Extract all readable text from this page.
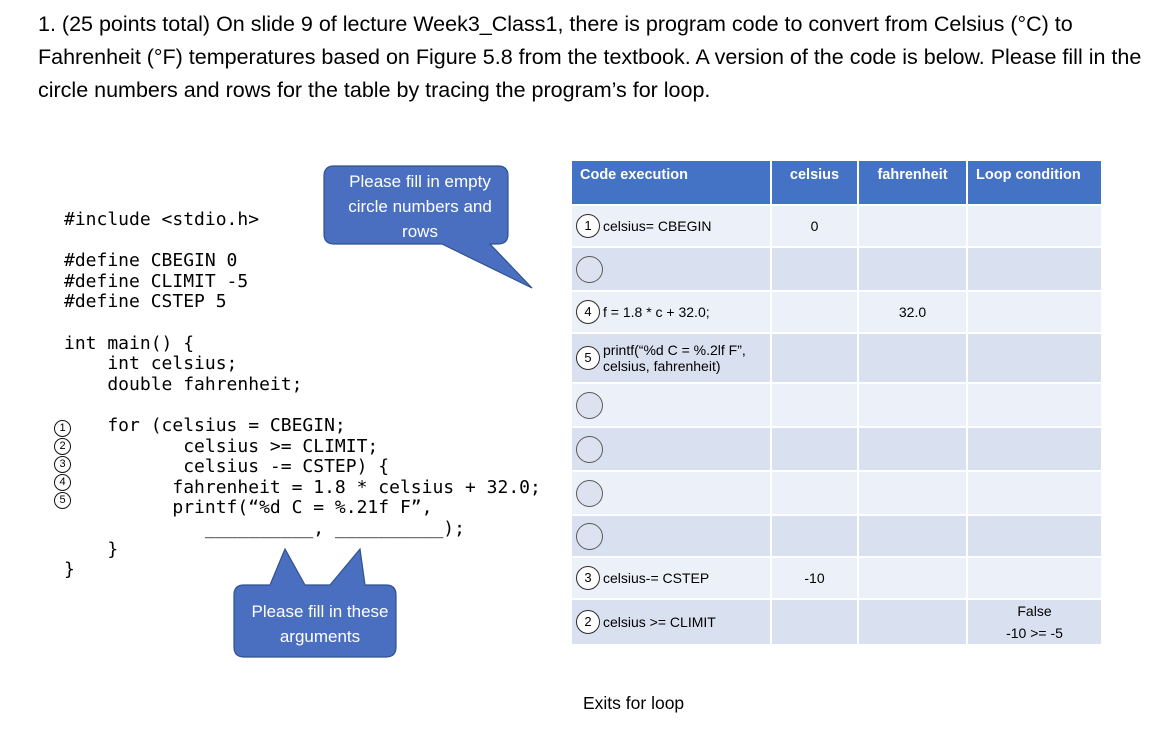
1. (25 points total) On slide 9 of lecture Week3_Class1, there is program code to convert from Celsius (°C) to Fahrenheit (°F) temperatures based on Figure 5.8 from the textbook. A version of the code is below. Please fill in the circle numbers and rows for the table by tracing the program’s for loop.

#include <stdio.h>

#define CBEGIN 0
#define CLIMIT -5
#define CSTEP 5

int main() {
int celsius;
double fahrenheit;

for (celsius = CBEGIN;
celsius >= CLIMIT;
celsius -= CSTEP) {
fahrenheit = 1.8 * celsius + 32.0;
printf(“%d C = %.21f F”,
__________, __________);
}
}
1
2
3
4
5
Please fill in empty circle numbers and rows
Please fill in these arguments
Code execution	celsius	fahrenheit	Loop condition

1 celsius= CBEGIN	0		

4 f = 1.8 * c + 32.0;		32.0	

5 printf(“%d C = %.2lf F”, celsius, fahrenheit)			

3 celsius-= CSTEP	-10		

2 celsius >= CLIMIT			False
-10 >= -5
Exits for loop
